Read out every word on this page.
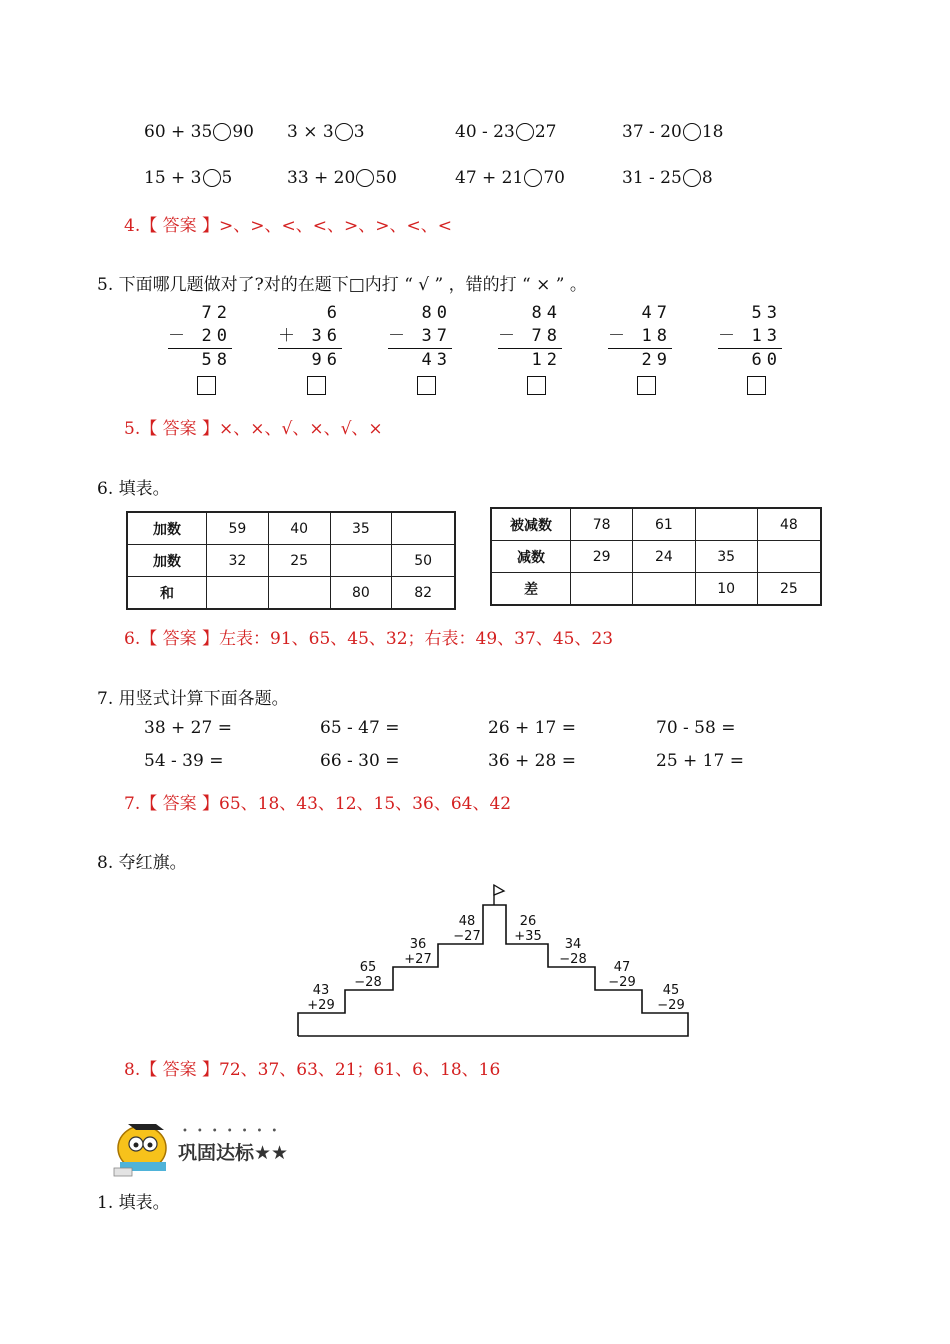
60 + 35 90 3 × 3 3	40 - 23 27	37 - 20 18
15 + 3 5	33 + 20 50	47 + 21 70	31 - 25 8
4.【 答案 】>、>、<、<、>、>、<、<
5. 下面哪几题做对了?对的在题下□内打 “ √ ” ，错的打 “ × ” 。
72
－ 20
58
6
＋ 36
96
80
－ 37
43
84
－ 78
12
47
－ 18
29
53
－ 13
60
5.【 答案 】×、×、√、×、√、×
6. 填表。
加数	59	40	35	
加数	32	25		50
和			80	82
被减数	78	61		48
减数	29	24	35	
差			10	25
6.【 答案 】左表：91、65、45、32；右表：49、37、45、23
7. 用竖式计算下面各题。
38 + 27 =	65 - 47 =	26 + 17 =	70 - 58 =
54 - 39 =	66 - 30 =	36 + 28 =	25 + 17 =
7.【 答案 】65、18、43、12、15、36、64、42
8. 夺红旗。
43
+29
65
−28
36
+27
48
−27
26
+35
34
−28
47
−29
45
−29
8.【 答案 】72、37、63、21；61、6、18、16
巩固达标★★
•••••••
1. 填表。
